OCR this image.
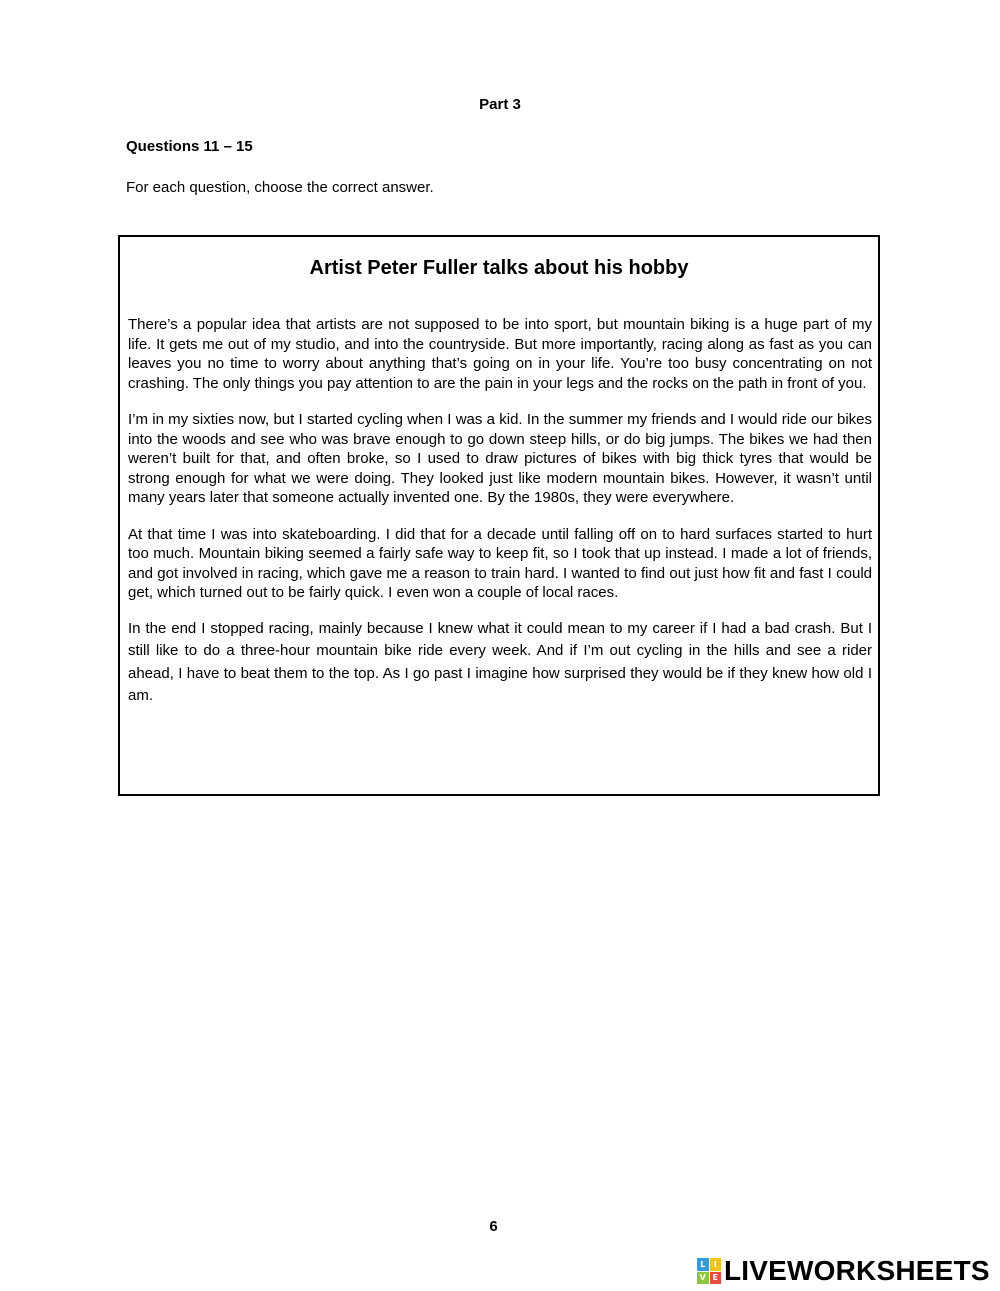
Part 3
Questions 11 – 15
For each question, choose the correct answer.
Artist Peter Fuller talks about his hobby

There’s a popular idea that artists are not supposed to be into sport, but mountain biking is a huge part of my life. It gets me out of my studio, and into the countryside. But more importantly, racing along as fast as you can leaves you no time to worry about anything that’s going on in your life. You’re too busy concentrating on not crashing. The only things you pay attention to are the pain in your legs and the rocks on the path in front of you.

I’m in my sixties now, but I started cycling when I was a kid. In the summer my friends and I would ride our bikes into the woods and see who was brave enough to go down steep hills, or do big jumps. The bikes we had then weren’t built for that, and often broke, so I used to draw pictures of bikes with big thick tyres that would be strong enough for what we were doing. They looked just like modern mountain bikes. However, it wasn’t until many years later that someone actually invented one. By the 1980s, they were everywhere.

At that time I was into skateboarding. I did that for a decade until falling off on to hard surfaces started to hurt too much. Mountain biking seemed a fairly safe way to keep fit, so I took that up instead. I made a lot of friends, and got involved in racing, which gave me a reason to train hard. I wanted to find out just how fit and fast I could get, which turned out to be fairly quick. I even won a couple of local races.

In the end I stopped racing, mainly because I knew what it could mean to my career if I had a bad crash. But I still like to do a three-hour mountain bike ride every week. And if I’m out cycling in the hills and see a rider ahead, I have to beat them to the top. As I go past I imagine how surprised they would be if they knew how old I am.

6
L	I
V E LIVEWORKSHEETS
